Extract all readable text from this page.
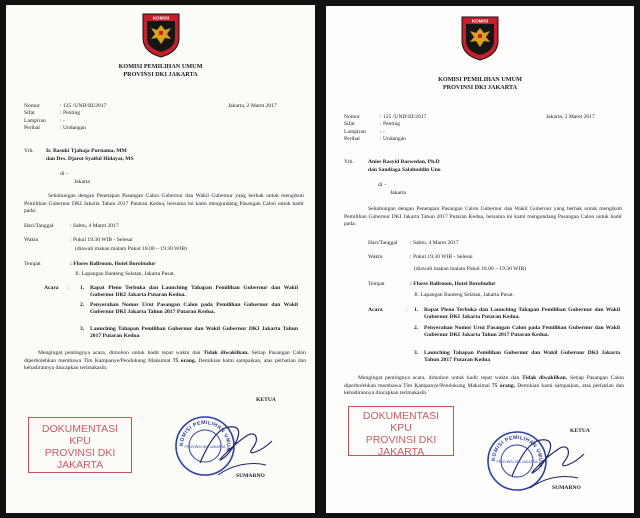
KOMISI
KOMISI PEMILIHAN UMUM
PROVINSI DKI JAKARTA
Nomor	: 125 /UND/III/2017	Jakarta, 2 Maret 2017
Sifat	: Penting
Lampiran	: -
Perihal	: Undangan
Yth. Ir. Basuki Tjahaja Purnama, MM
dan Drs. Djarot Syaiful Hidayat, MS
di –
Jakarta
Sehubungan dengan Penetapan Pasangan Calon Gubernur dan Wakil Gubernur yang berhak untuk mengikuti Pemilihan Gubernur DKI Jakarta Tahun 2017 Putaran Kedua, bersama ini kami mengundang Pasangan Calon untuk hadir pada:
Hari/Tanggal	: Sabtu, 4 Maret 2017
Waktu	: Pukul 19.30 WIB - Selesai
(diawali makan malam Pukul 18.00 – 19.30 WIB)
Tempat	: Flores Ballroom, Hotel Borobudur
Jl. Lapangan Banteng Selatan, Jakarta Pusat.
Acara : 1. Rapat Pleno Terbuka dan Launching Tahapan Pemilihan Gubernur dan Wakil Gubernur DKI Jakarta Putaran Kedua.
2. Penyerahan Nomor Urut Pasangan Calon pada Pemilihan Gubernur dan Wakil Gubernur DKI Jakarta Tahun 2017 Putaran Kedua.
3. Launching Tahapan Pemilihan Gubernur dan Wakil Gubernur DKI Jakarta Tahun 2017 Putaran Kedua
Mengingat pentingnya acara, dimohon untuk hadir tepat waktu dan Tidak diwakilkan. Setiap Pasangan Calon diperbolehkan membawa Tim Kampanye/Pendukung Maksimal 75 orang. Demikian kami sampaikan, atas perhatian dan kehadirannya diucapkan terimakasih.
DOKUMENTASI KPU
PROVINSI DKI
JAKARTA
KOMISI PEMILIHAN UMUM
PROVINSI DKI JAKARTA
KETUA
SUMARNO
KOMISI
KOMISI PEMILIHAN UMUM
PROVINSI DKI JAKARTA
Nomor	: 125 /UND/III/2017	Jakarta, 2 Maret 2017
Sifat	: Penting
Lampiran	: -
Perihal	: Undangan
Yth.	Anies Rasyid Baswedan, Ph.D
dan Sandiaga Salahuddin Uno
di –
Jakarta
Sehubungan dengan Penetapan Pasangan Calon Gubernur dan Wakil Gubernur yang berhak untuk mengikuti Pemilihan Gubernur DKI Jakarta Tahun 2017 Putaran Kedua, bersama ini kami mengundang Pasangan Calon untuk hadir pada:
Hari/Tanggal : Sabtu, 4 Maret 2017
Waktu	: Pukul 19.30 WIB - Selesai
(diawali makan malam Pukul 18.00 – 19.30 WIB)
Tempat	: Flores Ballroom, Hotel Borobudur
Jl. Lapangan Banteng Selatan, Jakarta Pusat.
Acara	: 1. Rapat Pleno Terbuka dan Launching Tahapan Pemilihan Gubernur dan Wakil Gubernur DKI Jakarta Putaran Kedua.
2. Penyerahan Nomor Urut Pasangan Calon pada Pemilihan Gubernur dan Wakil Gubernur DKI Jakarta Tahun 2017 Putaran Kedua.
3. Launching Tahapan Pemilihan Gubernur dan Wakil Gubernur DKI Jakarta Tahun 2017 Putaran Kedua
Mengingat pentingnya acara, dimohon untuk hadir tepat waktu dan Tidak diwakilkan. Setiap Pasangan Calon diperbolehkan membawa Tim Kampanye/Pendukung Maksimal 75 orang. Demikian kami sampaikan, atas perhatian dan kehadirannya diucapkan terimakasih.
DOKUMENTASI KPU
PROVINSI DKI
JAKARTA
KOMISI PEMILIHAN UMUM
PROVINSI DKI JAKARTA
KETUA
SUMARNO
